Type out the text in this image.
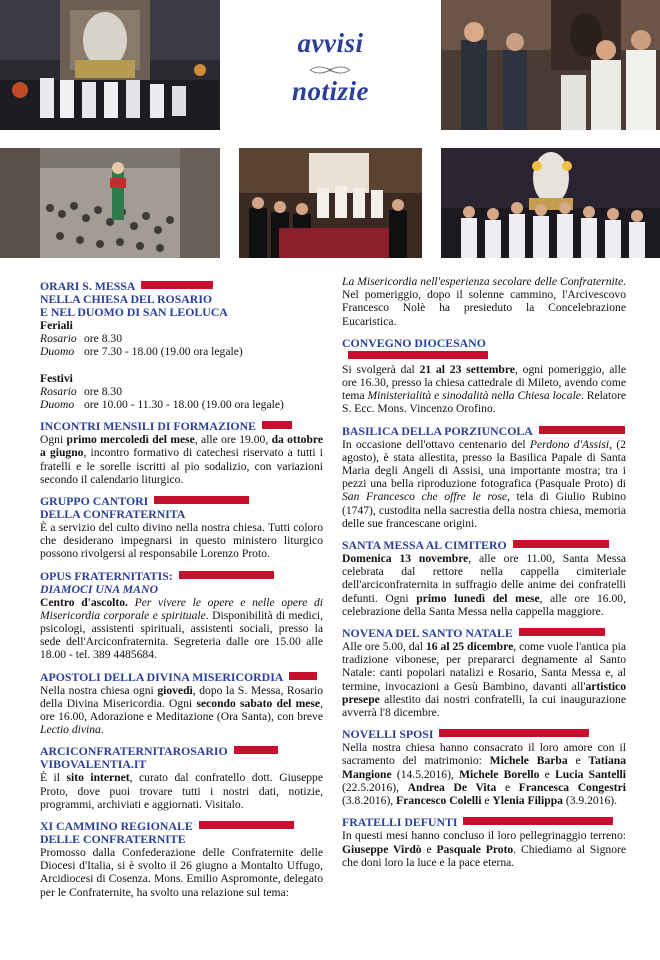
avvisi
notizie
ORARI S. MESSA
NELLA CHIESA DEL ROSARIO
E NEL DUOMO DI SAN LEOLUCA
Feriali
Rosario ore 8.30
Duomo ore 7.30 - 18.00 (19.00 ora legale)
Festivi
Rosario ore 8.30
Duomo ore 10.00 - 11.30 - 18.00 (19.00 ora legale)
INCONTRI MENSILI DI FORMAZIONE

Ogni primo mercoledì del mese, alle ore 19.00, da ottobre a giugno, incontro formativo di catechesi riservato a tutti i fratelli e le sorelle iscritti al pio sodalizio, con variazioni secondo il calendario liturgico.

GRUPPO CANTORI
DELLA CONFRATERNITA

È a servizio del culto divino nella nostra chiesa. Tutti coloro che desiderano impegnarsi in questo ministero liturgico possono rivolgersi al responsabile Lorenzo Proto.

OPUS FRATERNITATIS:
DIAMOCI UNA MANO

Centro d'ascolto. Per vivere le opere e nelle opere di Misericordia corporale e spirituale. Disponibilità di medici, psicologi, assistenti spirituali, assistenti sociali, presso la sede dell'Arciconfraternita. Segreteria dalle ore 15.00 alle 18.00 - tel. 389 4485684.

APOSTOLI DELLA DIVINA MISERICORDIA

Nella nostra chiesa ogni giovedì, dopo la S. Messa, Rosario della Divina Misericordia. Ogni secondo sabato del mese, ore 16.00, Adorazione e Meditazione (Ora Santa), con breve Lectio divina.

ARCICONFRATERNITAROSARIO
VIBOVALENTIA.IT

È il sito internet, curato dal confratello dott. Giuseppe Proto, dove puoi trovare tutti i nostri dati, notizie, programmi, archiviati e aggiornati. Visitalo.

XI CAMMINO REGIONALE
DELLE CONFRATERNITE

Promosso dalla Confederazione delle Confraternite delle Diocesi d'Italia, si è svolto il 26 giugno a Montalto Uffugo, Arcidiocesi di Cosenza. Mons. Emilio Aspromonte, delegato per le Confraternite, ha svolto una relazione sul tema:

La Misericordia nell'esperienza secolare delle Confraternite. Nel pomeriggio, dopo il solenne cammino, l'Arcivescovo Francesco Nolè ha presieduto la Concelebrazione Eucaristica.

CONVEGNO DIOCESANO

Si svolgerà dal 21 al 23 settembre, ogni pomeriggio, alle ore 16.30, presso la chiesa cattedrale di Mileto, avendo come tema Ministerialità e sinodalità nella Chiesa locale. Relatore S. Ecc. Mons. Vincenzo Orofino.

BASILICA DELLA PORZIUNCOLA

In occasione dell'ottavo centenario del Perdono d'Assisi, (2 agosto), è stata allestita, presso la Basilica Papale di Santa Maria degli Angeli di Assisi, una importante mostra; tra i pezzi una bella riproduzione fotografica (Pasquale Proto) di San Francesco che offre le rose, tela di Giulio Rubino (1747), custodita nella sacrestia della nostra chiesa, memoria delle sue francescane origini.

SANTA MESSA AL CIMITERO

Domenica 13 novembre, alle ore 11.00, Santa Messa celebrata dal rettore nella cappella cimiteriale dell'arciconfraternita in suffragio delle anime dei confratelli defunti. Ogni primo lunedì del mese, alle ore 16.00, celebrazione della Santa Messa nella cappella maggiore.

NOVENA DEL SANTO NATALE

Alle ore 5.00, dal 16 al 25 dicembre, come vuole l'antica pia tradizione vibonese, per prepararci degnamente al Santo Natale: canti popolari natalizi e Rosario, Santa Messa e, al termine, invocazioni a Gesù Bambino, davanti all'artistico presepe allestito dai nostri confratelli, la cui inaugurazione avverrà l'8 dicembre.

NOVELLI SPOSI

Nella nostra chiesa hanno consacrato il loro amore con il sacramento del matrimonio: Michele Barba e Tatiana Mangione (14.5.2016), Michele Borello e Lucia Santelli (22.5.2016), Andrea De Vita e Francesca Congestri (3.8.2016), Francesco Colelli e Ylenia Filippa (3.9.2016).

FRATELLI DEFUNTI

In questi mesi hanno concluso il loro pellegrinaggio terreno: Giuseppe Virdò e Pasquale Proto. Chiediamo al Signore che doni loro la luce e la pace eterna.
